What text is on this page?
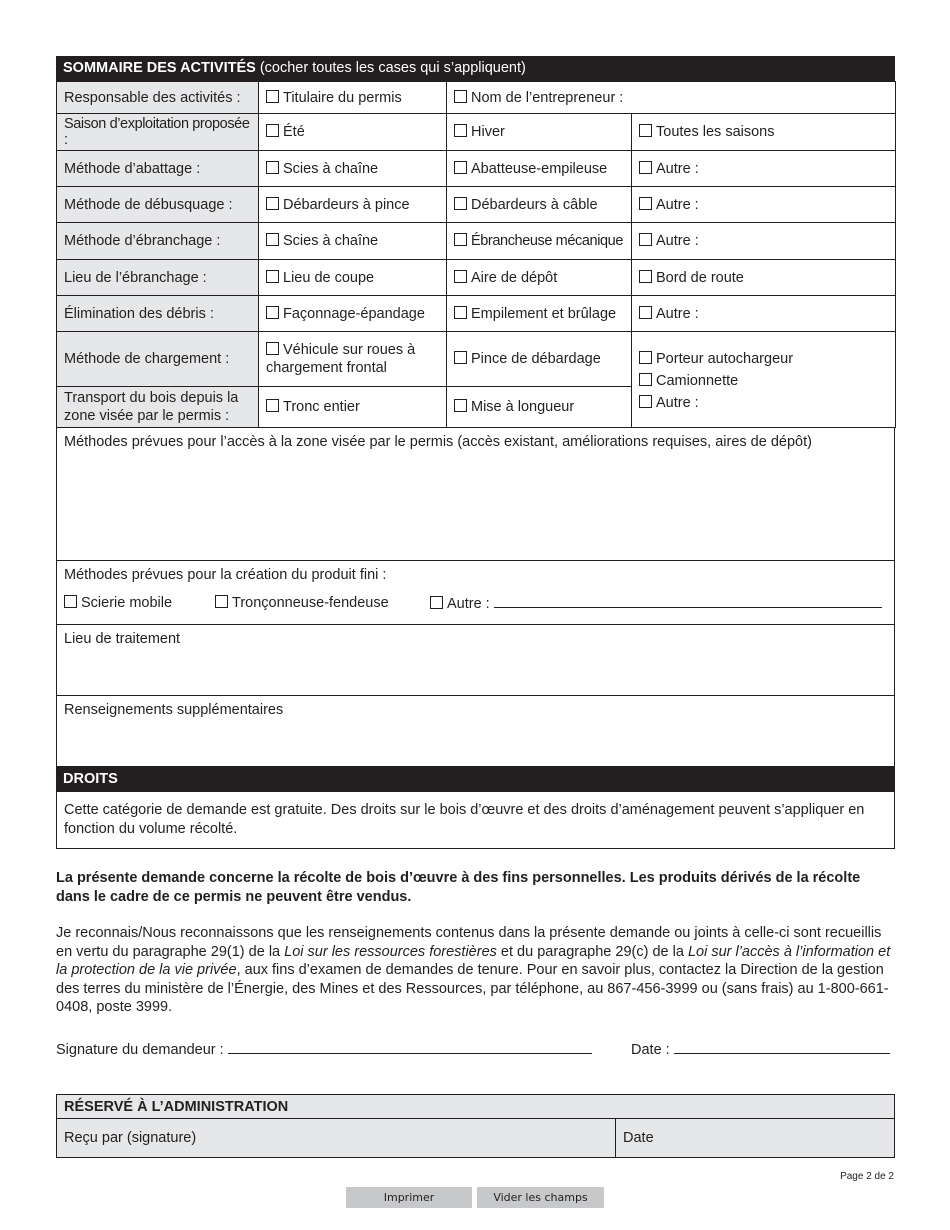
SOMMAIRE DES ACTIVITÉS (cocher toutes les cases qui s’appliquent)
Responsable des activités :	Titulaire du permis	Nom de l’entrepreneur :	
Saison d’exploitation proposée :	Été	Hiver	Toutes les saisons
Méthode d’abattage :	Scies à chaîne	Abatteuse-empileuse	Autre :
Méthode de débusquage :	Débardeurs à pince	Débardeurs à câble	Autre :
Méthode d’ébranchage :	Scies à chaîne	Ébrancheuse mécanique	Autre :
Lieu de l’ébranchage :	Lieu de coupe	Aire de dépôt	Bord de route
Élimination des débris :	Façonnage-épandage	Empilement et brûlage	Autre :
Méthode de chargement :	Véhicule sur roues à chargement frontal	Pince de débardage	Porteur autochargeur
Camionnette
Autre :

Transport du bois depuis la zone visée par le permis :	Tronc entier	Mise à longueur	
Méthodes prévues pour l’accès à la zone visée par le permis (accès existant, améliorations requises, aires de dépôt)
Méthodes prévues pour la création du produit fini :
Scierie mobile	Tronçonneuse-fendeuse	Autre :
Lieu de traitement
Renseignements supplémentaires
DROITS
Cette catégorie de demande est gratuite. Des droits sur le bois d’œuvre et des droits d’aménagement peuvent s’appliquer en fonction du volume récolté.
La présente demande concerne la récolte de bois d’œuvre à des fins personnelles. Les produits dérivés de la récolte dans le cadre de ce permis ne peuvent être vendus.
Je reconnais/Nous reconnaissons que les renseignements contenus dans la présente demande ou joints à celle-ci sont recueillis en vertu du paragraphe 29(1) de la Loi sur les ressources forestières et du paragraphe 29(c) de la Loi sur l’accès à l’information et la protection de la vie privée, aux fins d’examen de demandes de tenure. Pour en savoir plus, contactez la Direction de la gestion des terres du ministère de l’Énergie, des Mines et des Ressources, par téléphone, au 867-456-3999 ou (sans frais) au 1-800-661-0408, poste 3999.
Signature du demandeur :	Date :
RÉSERVÉ À L’ADMINISTRATION
Reçu par (signature)	Date
Page 2 de 2
Imprimer	Vider les champs
